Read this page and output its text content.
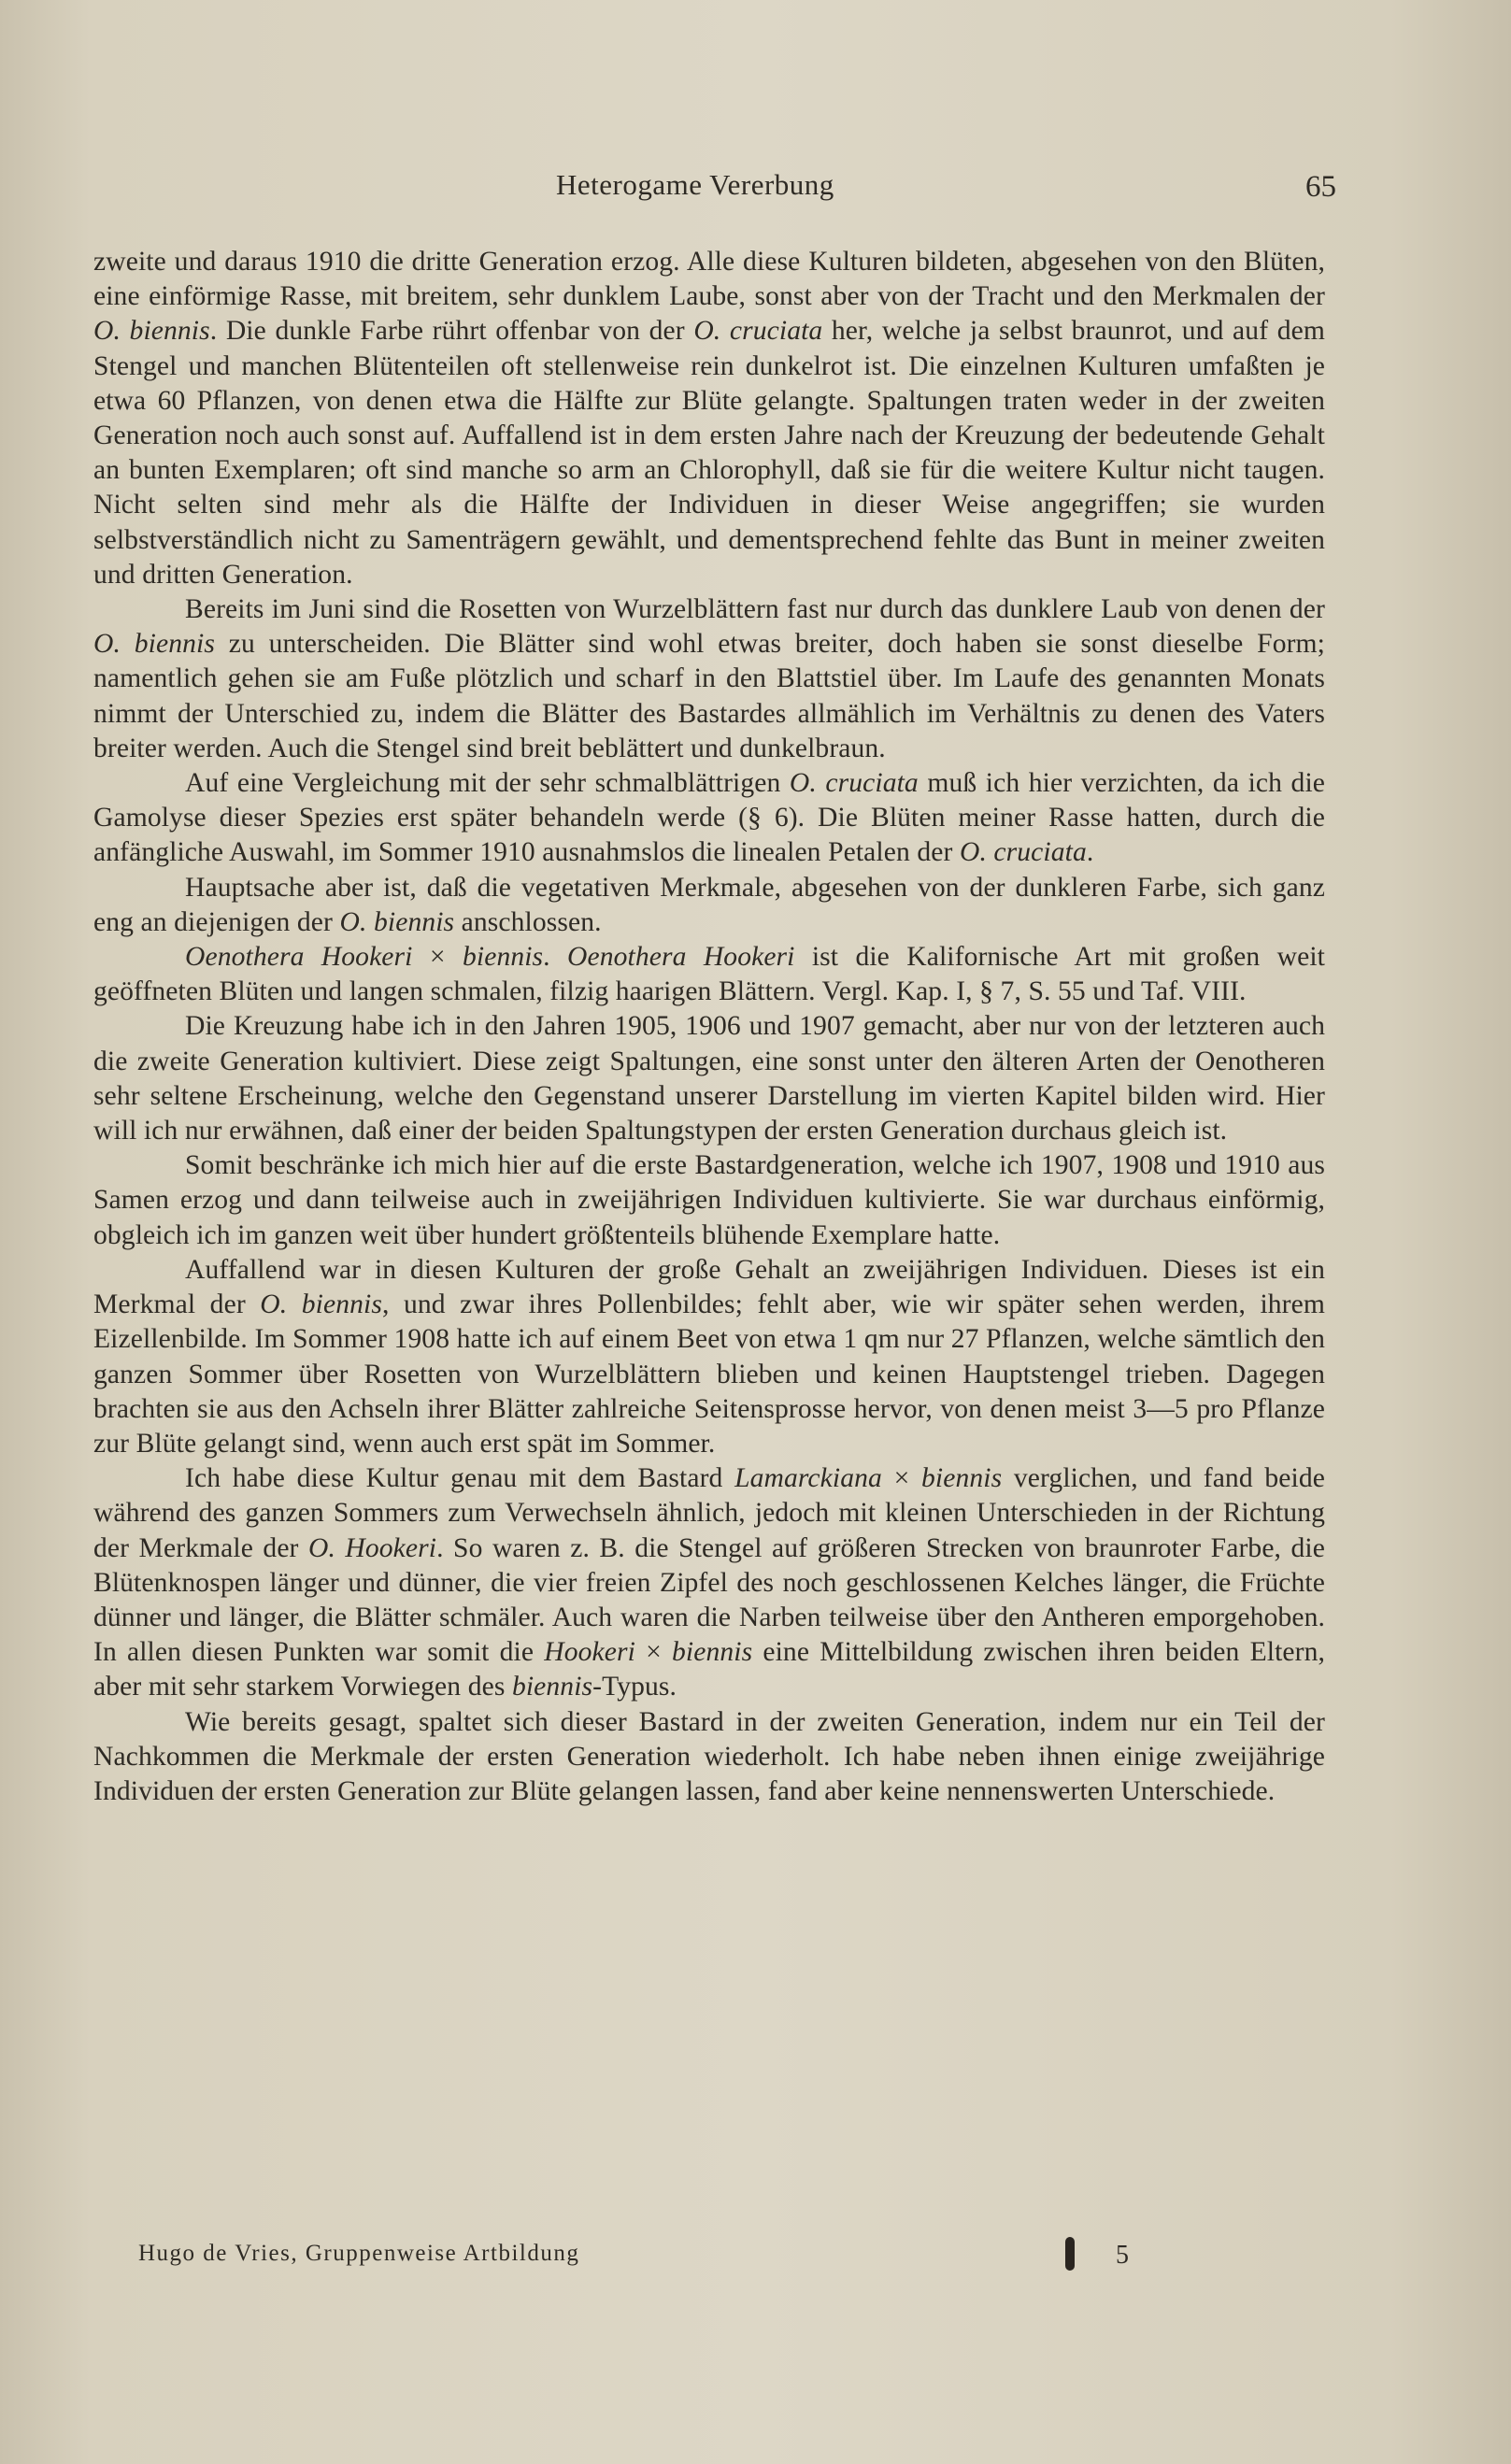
Heterogame Vererbung	65

zweite und daraus 1910 die dritte Generation erzog. Alle diese Kulturen bildeten, abgesehen von den Blüten, eine einförmige Rasse, mit breitem, sehr dunklem Laube, sonst aber von der Tracht und den Merkmalen der O. biennis. Die dunkle Farbe rührt offenbar von der O. cruciata her, welche ja selbst braunrot, und auf dem Stengel und manchen Blütenteilen oft stellenweise rein dunkelrot ist. Die einzelnen Kulturen umfaßten je etwa 60 Pflanzen, von denen etwa die Hälfte zur Blüte gelangte. Spaltungen traten weder in der zweiten Generation noch auch sonst auf. Auffallend ist in dem ersten Jahre nach der Kreuzung der bedeutende Gehalt an bunten Exemplaren; oft sind manche so arm an Chlorophyll, daß sie für die weitere Kultur nicht taugen. Nicht selten sind mehr als die Hälfte der Individuen in dieser Weise angegriffen; sie wurden selbstverständlich nicht zu Samenträgern gewählt, und dementsprechend fehlte das Bunt in meiner zweiten und dritten Generation.

Bereits im Juni sind die Rosetten von Wurzelblättern fast nur durch das dunklere Laub von denen der O. biennis zu unterscheiden. Die Blätter sind wohl etwas breiter, doch haben sie sonst dieselbe Form; namentlich gehen sie am Fuße plötzlich und scharf in den Blattstiel über. Im Laufe des genannten Monats nimmt der Unterschied zu, indem die Blätter des Bastardes allmählich im Verhältnis zu denen des Vaters breiter werden. Auch die Stengel sind breit beblättert und dunkelbraun.

Auf eine Vergleichung mit der sehr schmalblättrigen O. cruciata muß ich hier verzichten, da ich die Gamolyse dieser Spezies erst später behandeln werde (§ 6). Die Blüten meiner Rasse hatten, durch die anfängliche Auswahl, im Sommer 1910 ausnahmslos die linealen Petalen der O. cruciata.

Hauptsache aber ist, daß die vegetativen Merkmale, abgesehen von der dunkleren Farbe, sich ganz eng an diejenigen der O. biennis anschlossen.

Oenothera Hookeri × biennis. Oenothera Hookeri ist die Kalifornische Art mit großen weit geöffneten Blüten und langen schmalen, filzig haarigen Blättern. Vergl. Kap. I, § 7, S. 55 und Taf. VIII.

Die Kreuzung habe ich in den Jahren 1905, 1906 und 1907 gemacht, aber nur von der letzteren auch die zweite Generation kultiviert. Diese zeigt Spaltungen, eine sonst unter den älteren Arten der Oenotheren sehr seltene Erscheinung, welche den Gegenstand unserer Darstellung im vierten Kapitel bilden wird. Hier will ich nur erwähnen, daß einer der beiden Spaltungstypen der ersten Generation durchaus gleich ist.

Somit beschränke ich mich hier auf die erste Bastardgeneration, welche ich 1907, 1908 und 1910 aus Samen erzog und dann teilweise auch in zweijährigen Individuen kultivierte. Sie war durchaus einförmig, obgleich ich im ganzen weit über hundert größtenteils blühende Exemplare hatte.

Auffallend war in diesen Kulturen der große Gehalt an zweijährigen Individuen. Dieses ist ein Merkmal der O. biennis, und zwar ihres Pollenbildes; fehlt aber, wie wir später sehen werden, ihrem Eizellenbilde. Im Sommer 1908 hatte ich auf einem Beet von etwa 1 qm nur 27 Pflanzen, welche sämtlich den ganzen Sommer über Rosetten von Wurzelblättern blieben und keinen Hauptstengel trieben. Dagegen brachten sie aus den Achseln ihrer Blätter zahlreiche Seitensprosse hervor, von denen meist 3—5 pro Pflanze zur Blüte gelangt sind, wenn auch erst spät im Sommer.

Ich habe diese Kultur genau mit dem Bastard Lamarckiana × biennis verglichen, und fand beide während des ganzen Sommers zum Verwechseln ähnlich, jedoch mit kleinen Unterschieden in der Richtung der Merkmale der O. Hookeri. So waren z. B. die Stengel auf größeren Strecken von braunroter Farbe, die Blütenknospen länger und dünner, die vier freien Zipfel des noch geschlossenen Kelches länger, die Früchte dünner und länger, die Blätter schmäler. Auch waren die Narben teilweise über den Antheren emporgehoben. In allen diesen Punkten war somit die Hookeri × biennis eine Mittelbildung zwischen ihren beiden Eltern, aber mit sehr starkem Vorwiegen des biennis-Typus.

Wie bereits gesagt, spaltet sich dieser Bastard in der zweiten Generation, indem nur ein Teil der Nachkommen die Merkmale der ersten Generation wiederholt. Ich habe neben ihnen einige zweijährige Individuen der ersten Generation zur Blüte gelangen lassen, fand aber keine nennenswerten Unterschiede.

Hugo de Vries, Gruppenweise Artbildung	5
